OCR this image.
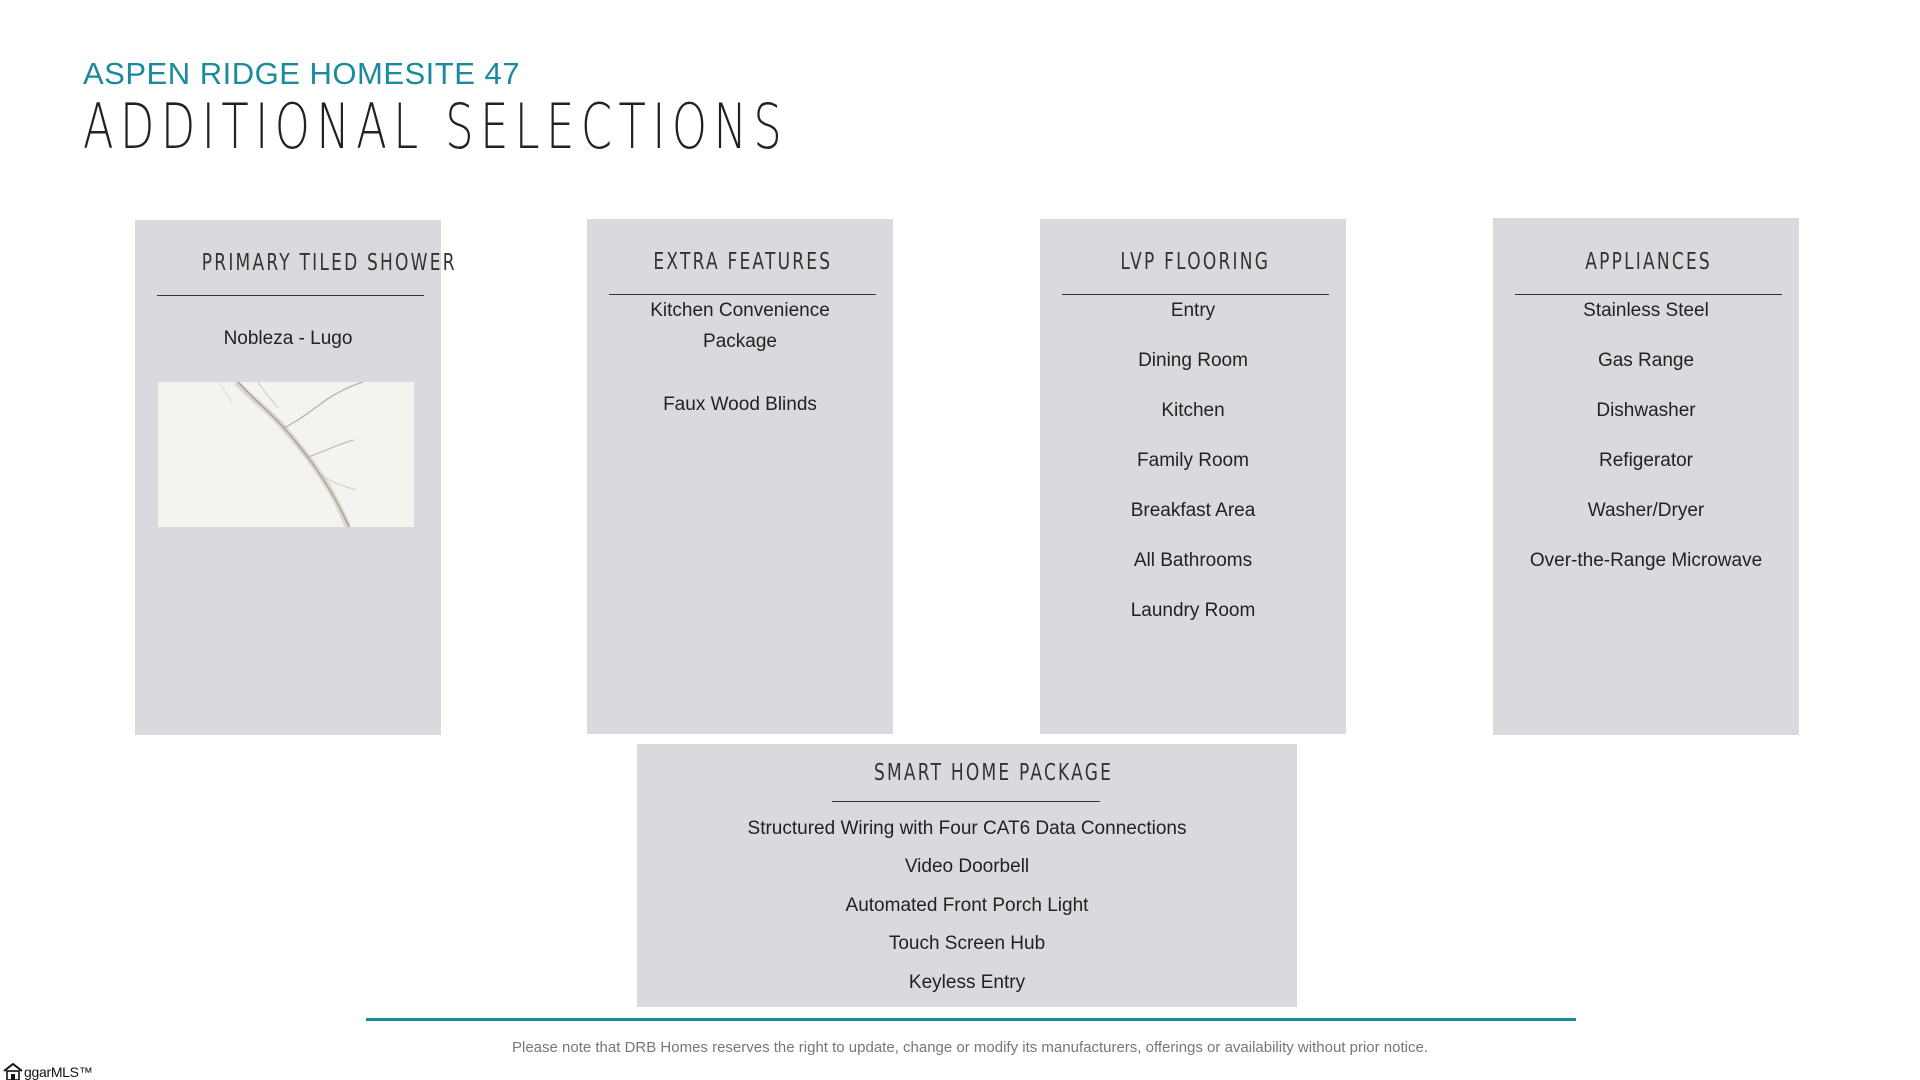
ASPEN RIDGE HOMESITE 47
ADDITIONAL SELECTIONS
PRIMARY TILED SHOWER
Nobleza - Lugo
EXTRA FEATURES
Kitchen Convenience
Package
Faux Wood Blinds
LVP FLOORING
Entry
Dining Room
Kitchen
Family Room
Breakfast Area
All Bathrooms
Laundry Room
APPLIANCES
Stainless Steel
Gas Range
Dishwasher
Refigerator
Washer/Dryer
Over-the-Range Microwave
SMART HOME PACKAGE
Structured Wiring with Four CAT6 Data Connections
Video Doorbell
Automated Front Porch Light
Touch Screen Hub
Keyless Entry
Please note that DRB Homes reserves the right to update, change or modify its manufacturers, offerings or availability without prior notice.
ggarMLS™
